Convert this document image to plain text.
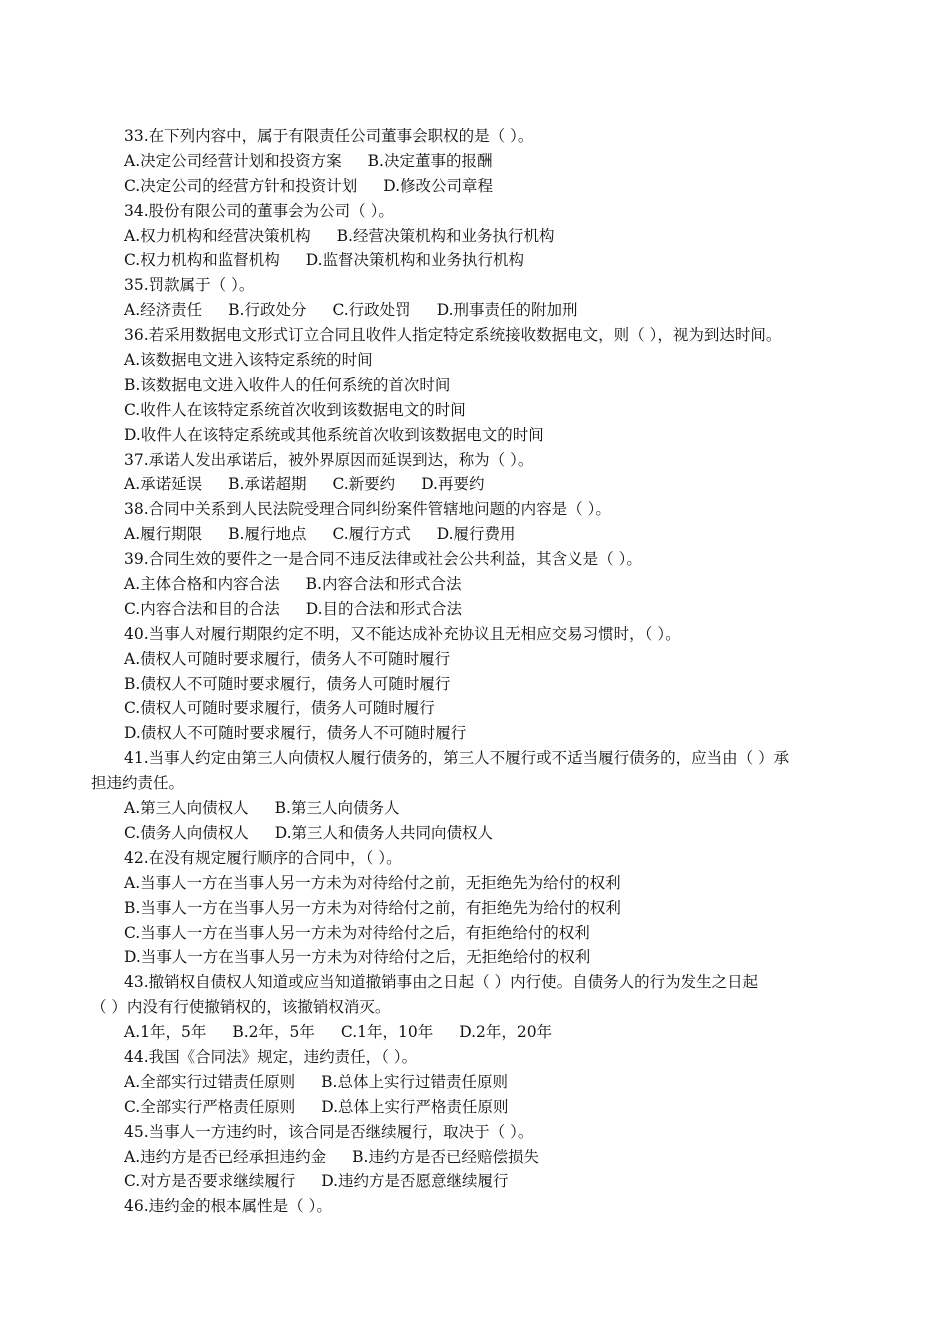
33.在下列内容中，属于有限责任公司董事会职权的是（ ）。
A.决定公司经营计划和投资方案 B.决定董事的报酬
C.决定公司的经营方针和投资计划 D.修改公司章程
34.股份有限公司的董事会为公司（ ）。
A.权力机构和经营决策机构 B.经营决策机构和业务执行机构
C.权力机构和监督机构 D.监督决策机构和业务执行机构
35.罚款属于（ ）。
A.经济责任 B.行政处分 C.行政处罚 D.刑事责任的附加刑
36.若采用数据电文形式订立合同且收件人指定特定系统接收数据电文，则（ ），视为到达时间。
A.该数据电文进入该特定系统的时间
B.该数据电文进入收件人的任何系统的首次时间
C.收件人在该特定系统首次收到该数据电文的时间
D.收件人在该特定系统或其他系统首次收到该数据电文的时间
37.承诺人发出承诺后，被外界原因而延误到达，称为（ ）。
A.承诺延误 B.承诺超期 C.新要约 D.再要约
38.合同中关系到人民法院受理合同纠纷案件管辖地问题的内容是（ ）。
A.履行期限 B.履行地点 C.履行方式 D.履行费用
39.合同生效的要件之一是合同不违反法律或社会公共利益，其含义是（ ）。
A.主体合格和内容合法 B.内容合法和形式合法
C.内容合法和目的合法 D.目的合法和形式合法
40.当事人对履行期限约定不明，又不能达成补充协议且无相应交易习惯时，（ ）。
A.债权人可随时要求履行，债务人不可随时履行
B.债权人不可随时要求履行，债务人可随时履行
C.债权人可随时要求履行，债务人可随时履行
D.债权人不可随时要求履行，债务人不可随时履行
41.当事人约定由第三人向债权人履行债务的，第三人不履行或不适当履行债务的，应当由（ ）承
担违约责任。
A.第三人向债权人 B.第三人向债务人
C.债务人向债权人 D.第三人和债务人共同向债权人
42.在没有规定履行顺序的合同中，（ ）。
A.当事人一方在当事人另一方未为对待给付之前，无拒绝先为给付的权利
B.当事人一方在当事人另一方未为对待给付之前，有拒绝先为给付的权利
C.当事人一方在当事人另一方未为对待给付之后，有拒绝给付的权利
D.当事人一方在当事人另一方未为对待给付之后，无拒绝给付的权利
43.撤销权自债权人知道或应当知道撤销事由之日起（ ）内行使。自债务人的行为发生之日起
（ ）内没有行使撤销权的，该撤销权消灭。
A.1年，5年 B.2年，5年 C.1年，10年 D.2年，20年
44.我国《合同法》规定，违约责任，（ ）。
A.全部实行过错责任原则 B.总体上实行过错责任原则
C.全部实行严格责任原则 D.总体上实行严格责任原则
45.当事人一方违约时，该合同是否继续履行，取决于（ ）。
A.违约方是否已经承担违约金 B.违约方是否已经赔偿损失
C.对方是否要求继续履行 D.违约方是否愿意继续履行
46.违约金的根本属性是（ ）。
